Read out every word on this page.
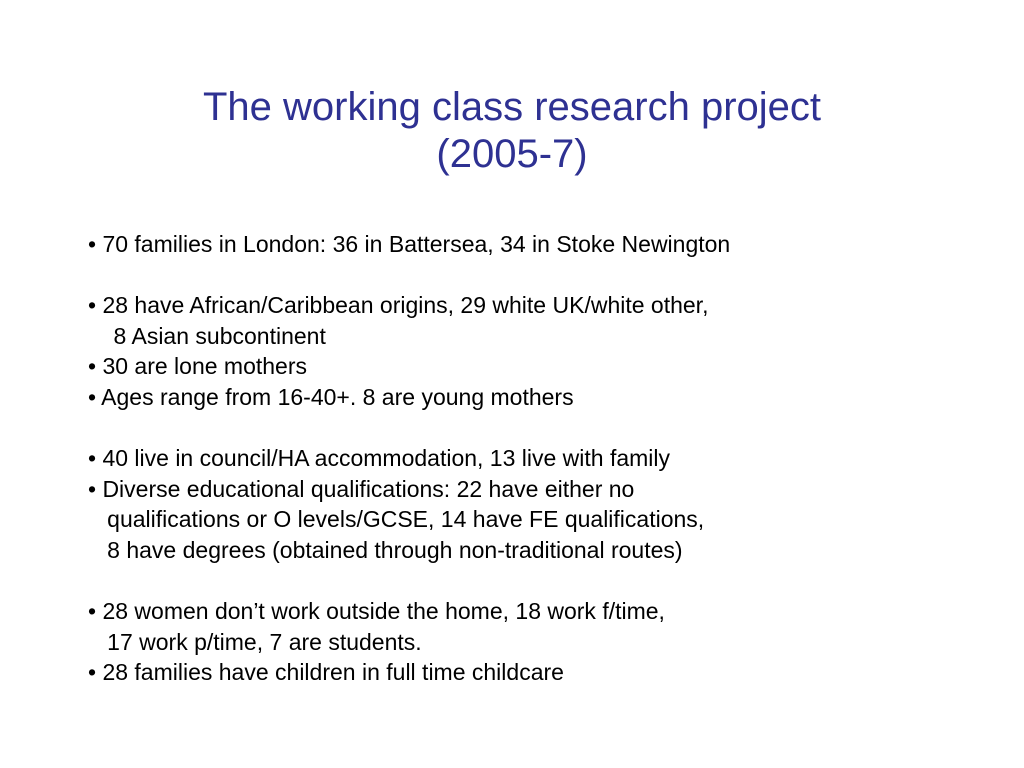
The working class research project
(2005-7)
• 70 families in London: 36 in Battersea, 34 in Stoke Newington
• 28 have African/Caribbean origins, 29 white UK/white other,
8 Asian subcontinent
• 30 are lone mothers
• Ages range from 16-40+. 8 are young mothers
• 40 live in council/HA accommodation, 13 live with family
• Diverse educational qualifications: 22 have either no
qualifications or O levels/GCSE, 14 have FE qualifications,
8 have degrees (obtained through non-traditional routes)
• 28 women don’t work outside the home, 18 work f/time,
17 work p/time, 7 are students.
• 28 families have children in full time childcare
